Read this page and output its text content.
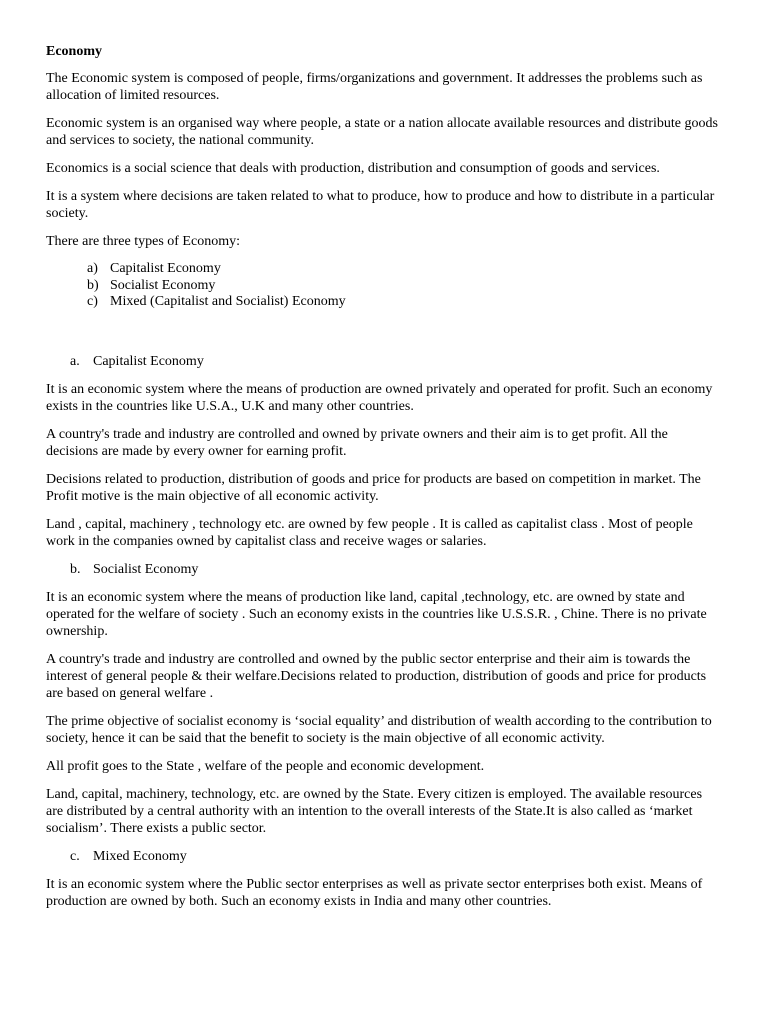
Economy

The Economic system is composed of people, firms/organizations and government. It addresses the problems such as allocation of limited resources.

Economic system is an organised way where people, a state or a nation allocate available resources and distribute goods and services to society, the national community.

Economics is a social science that deals with production, distribution and consumption of goods and services.

It is a system where decisions are taken related to what to produce, how to produce and how to distribute in a particular society.

There are three types of Economy:

a) Capitalist Economy
b) Socialist Economy
c) Mixed (Capitalist and Socialist) Economy
a. Capitalist Economy

It is an economic system where the means of production are owned privately and operated for profit. Such an economy exists in the countries like U.S.A., U.K and many other countries.

A country's trade and industry are controlled and owned by private owners and their aim is to get profit. All the decisions are made by every owner for earning profit.

Decisions related to production, distribution of goods and price for products are based on competition in market. The Profit motive is the main objective of all economic activity.

Land , capital, machinery , technology etc. are owned by few people . It is called as capitalist class . Most of people work in the companies owned by capitalist class and receive wages or salaries.

b. Socialist Economy

It is an economic system where the means of production like land, capital ,technology, etc. are owned by state and operated for the welfare of society . Such an economy exists in the countries like U.S.S.R. , Chine. There is no private ownership.

A country's trade and industry are controlled and owned by the public sector enterprise and their aim is towards the interest of general people & their welfare.Decisions related to production, distribution of goods and price for products are based on general welfare .

The prime objective of socialist economy is ‘social equality’ and distribution of wealth according to the contribution to society, hence it can be said that the benefit to society is the main objective of all economic activity.

All profit goes to the State , welfare of the people and economic development.

Land, capital, machinery, technology, etc. are owned by the State. Every citizen is employed. The available resources are distributed by a central authority with an intention to the overall interests of the State.It is also called as ‘market socialism’. There exists a public sector.

c. Mixed Economy

It is an economic system where the Public sector enterprises as well as private sector enterprises both exist. Means of production are owned by both. Such an economy exists in India and many other countries.
